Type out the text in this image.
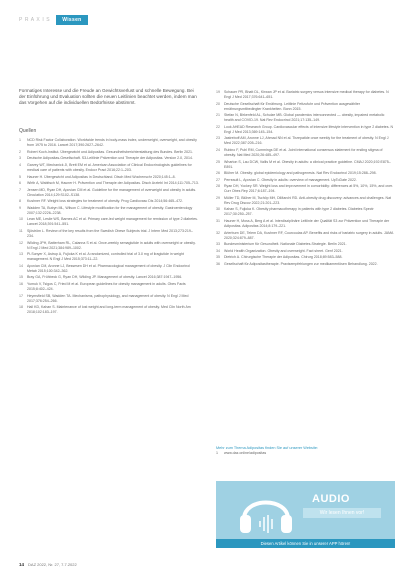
P R A X I S	Wissen

Formatiges Interesse und die Freude an Gewichtsverlust und schnelle Bewegung. Bei der Einführung und Evaluation sollten die neuen Leitlinien beachtet werden, indem man das Vorgehen auf die individuellen Bedürfnisse abstimmt.

Quellen
1	NCD Risk Factor Collaboration. Worldwide trends in body-mass index, underweight, overweight, and obesity from 1975 to 2016. Lancet 2017;390:2627–2642.
2	Robert Koch-Institut. Übergewicht und Adipositas. Gesundheitsberichterstattung des Bundes. Berlin 2021.
3	Deutsche Adipositas-Gesellschaft. S3-Leitlinie Prävention und Therapie der Adipositas. Version 2.0, 2014.
4	Garvey WT, Mechanick JI, Brett EM et al. American Association of Clinical Endocrinologists guidelines for medical care of patients with obesity. Endocr Pract 2016;22:1–203.
5	Hauner H. Übergewicht und Adipositas in Deutschland. Dtsch Med Wochenschr 2020;145:1–8.
6	Wirth A, Wabitsch M, Hauner H. Prävention und Therapie der Adipositas. Dtsch Arztebl Int 2014;111:705–713.
7	Jensen MD, Ryan DH, Apovian CM et al. Guideline for the management of overweight and obesity in adults. Circulation 2014;129:S102–S138.
8	Kushner RF. Weight loss strategies for treatment of obesity. Prog Cardiovasc Dis 2014;56:465–472.
9	Wadden TA, Butryn ML, Wilson C. Lifestyle modification for the management of obesity. Gastroenterology 2007;132:2226–2238.
10	Lean ME, Leslie WS, Barnes AC et al. Primary care-led weight management for remission of type 2 diabetes. Lancet 2018;391:541–551.
11	Sjöström L. Review of the key results from the Swedish Obese Subjects trial. J Intern Med 2013;273:219–234.
12	Wilding JPH, Batterham RL, Calanna S et al. Once-weekly semaglutide in adults with overweight or obesity. N Engl J Med 2021;384:989–1002.
13	Pi-Sunyer X, Astrup A, Fujioka K et al. A randomized, controlled trial of 3.0 mg of liraglutide in weight management. N Engl J Med 2015;373:11–22.
14	Apovian CM, Aronne LJ, Bessesen DH et al. Pharmacological management of obesity. J Clin Endocrinol Metab 2015;100:342–362.
15	Bray GA, Frühbeck G, Ryan DH, Wilding JP. Management of obesity. Lancet 2016;387:1947–1956.
16	Yumuk V, Tsigos C, Fried M et al. European guidelines for obesity management in adults. Obes Facts 2015;8:402–424.
17	Heymsfield SB, Wadden TA. Mechanisms, pathophysiology, and management of obesity. N Engl J Med 2017;376:254–266.
18	Hall KD, Kahan S. Maintenance of lost weight and long-term management of obesity. Med Clin North Am 2018;102:183–197.
19	Schauer PR, Bhatt DL, Kirwan JP et al. Bariatric surgery versus intensive medical therapy for diabetes. N Engl J Med 2017;376:641–651.
20	Deutsche Gesellschaft für Ernährung. Leitlinie Fettzufuhr und Prävention ausgewählter ernährungsmitbedingter Krankheiten. Bonn 2015.
21	Stefan N, Birkenfeld AL, Schulze MB. Global pandemics interconnected — obesity, impaired metabolic health and COVID-19. Nat Rev Endocrinol 2021;17:135–149.
22	Look AHEAD Research Group. Cardiovascular effects of intensive lifestyle intervention in type 2 diabetes. N Engl J Med 2013;369:145–154.
23	Jastreboff AM, Aronne LJ, Ahmad NN et al. Tirzepatide once weekly for the treatment of obesity. N Engl J Med 2022;387:205–216.
24	Rubino F, Puhl RM, Cummings DE et al. Joint international consensus statement for ending stigma of obesity. Nat Med 2020;26:485–497.
25	Wharton S, Lau DCW, Vallis M et al. Obesity in adults: a clinical practice guideline. CMAJ 2020;192:E875–E891.
26	Blüher M. Obesity: global epidemiology and pathogenesis. Nat Rev Endocrinol 2019;15:288–298.
27	Perreault L, Apovian C. Obesity in adults: overview of management. UpToDate 2022.
28	Ryan DH, Yockey SR. Weight loss and improvement in comorbidity: differences at 5%, 10%, 15%, and over. Curr Obes Rep 2017;6:187–194.
29	Müller TD, Blüher M, Tschöp MH, DiMarchi RD. Anti-obesity drug discovery: advances and challenges. Nat Rev Drug Discov 2022;21:201–223.
30	Kahan S, Fujioka K. Obesity pharmacotherapy in patients with type 2 diabetes. Diabetes Spectr 2017;30:250–257.
31	Hauner H, Moss A, Berg A et al. Interdisziplinäre Leitlinie der Qualität S3 zur Prävention und Therapie der Adipositas. Adipositas 2014;8:179–221.
32	Arterburn DE, Telem DA, Kushner RF, Courcoulas AP. Benefits and risks of bariatric surgery in adults. JAMA 2020;324:879–887.
33	Bundesministerium für Gesundheit. Nationale Diabetes-Strategie. Berlin 2021.
34	World Health Organization. Obesity and overweight. Fact sheet. Genf 2021.
35	Dietrich A. Chirurgische Therapie der Adipositas. Chirurg 2018;89:583–588.
36	Gesellschaft für Adipositastherapie. Praxisempfehlungen zur medikamentösen Behandlung. 2022.
Mehr zum Thema Adipositas finden Sie auf unserer Website:
1	www.daz.online/adipositas
AUDIO
Wir lesen Ihnen vor!
Diesen Artikel können Sie in unserer APP hören!
14 DAZ 2022, Nr. 27, 7.7.2022
